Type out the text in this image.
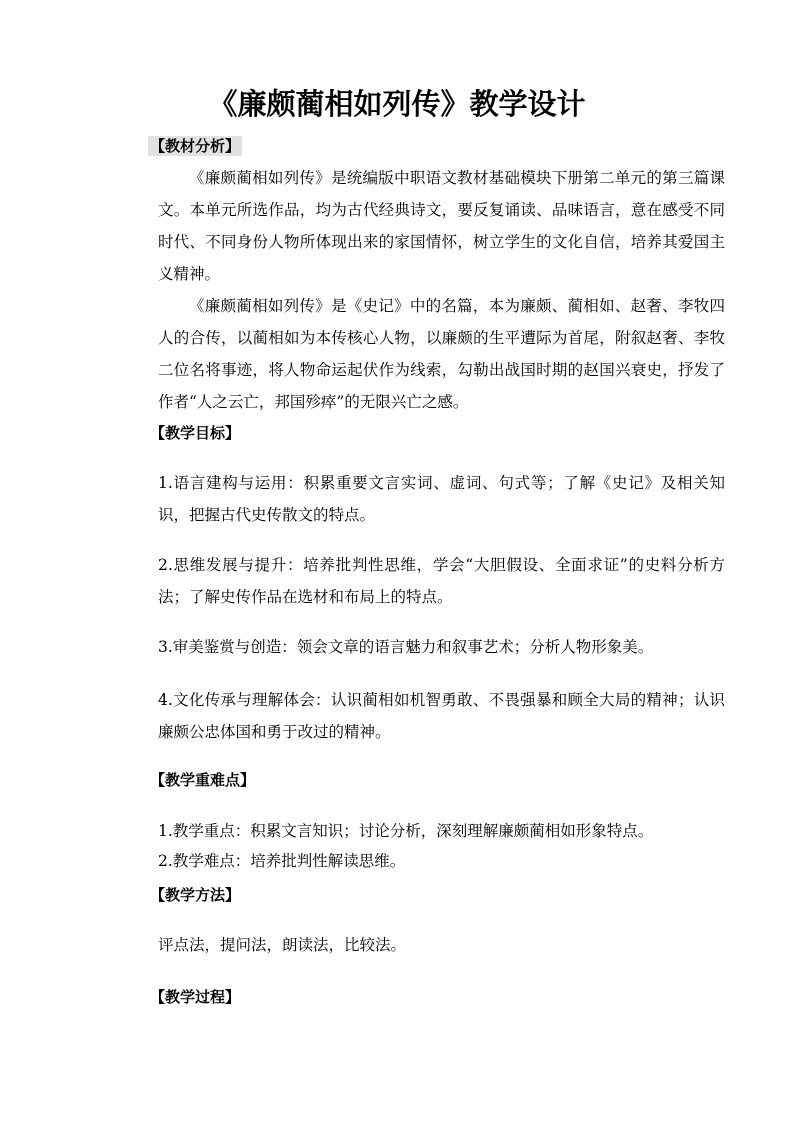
《廉颇蔺相如列传》教学设计
【教材分析】
《廉颇蔺相如列传》是统编版中职语文教材基础模块下册第二单元的第三篇课文。本单元所选作品，均为古代经典诗文，要反复诵读、品味语言，意在感受不同时代、不同身份人物所体现出来的家国情怀，树立学生的文化自信，培养其爱国主义精神。
《廉颇蔺相如列传》是《史记》中的名篇，本为廉颇、蔺相如、赵奢、李牧四人的合传，以蔺相如为本传核心人物，以廉颇的生平遭际为首尾，附叙赵奢、李牧二位名将事迹，将人物命运起伏作为线索，勾勒出战国时期的赵国兴衰史，抒发了作者“人之云亡，邦国殄瘁”的无限兴亡之感。
【教学目标】
1.语言建构与运用：积累重要文言实词、虚词、句式等；了解《史记》及相关知识，把握古代史传散文的特点。
2.思维发展与提升：培养批判性思维，学会“大胆假设、全面求证”的史料分析方法；了解史传作品在选材和布局上的特点。
3.审美鉴赏与创造：领会文章的语言魅力和叙事艺术；分析人物形象美。
4.文化传承与理解体会：认识蔺相如机智勇敢、不畏强暴和顾全大局的精神；认识廉颇公忠体国和勇于改过的精神。
【教学重难点】
1.教学重点：积累文言知识；讨论分析，深刻理解廉颇蔺相如形象特点。
2.教学难点：培养批判性解读思维。
【教学方法】
评点法，提问法，朗读法，比较法。
【教学过程】
